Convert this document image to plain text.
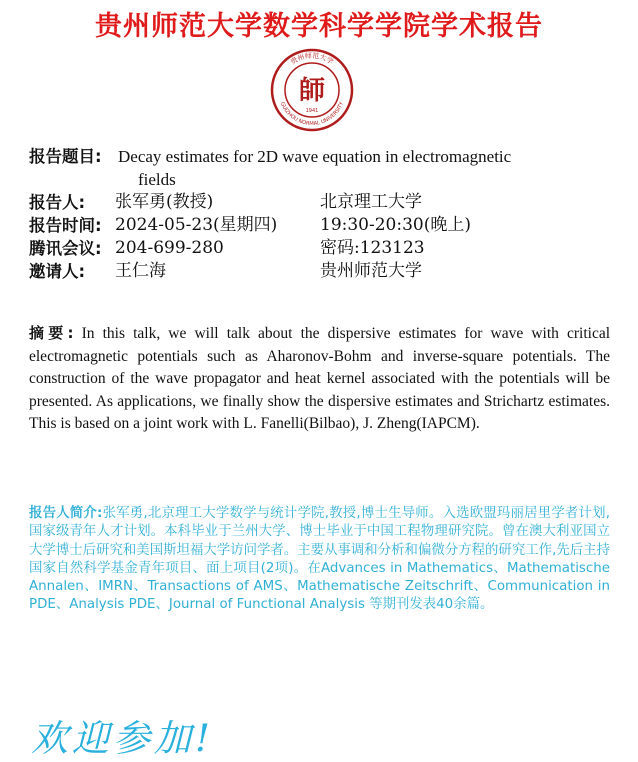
贵州师范大学数学科学学院学术报告
贵州师范大学
GUIZHOU NORMAL UNIVERSITY
師
1941
报告题目: Decay estimates for 2D wave equation in electromagnetic
fields
报告人: 张军勇(教授)	北京理工大学
报告时间: 2024-05-23(星期四)	19:30-20:30(晚上)
腾讯会议: 204-699-280	密码:123123
邀请人: 王仁海	贵州师范大学
摘要: In this talk, we will talk about the dispersive estimates for wave with critical electromagnetic potentials such as Aharonov-Bohm and inverse-square potentials. The construction of the wave propagator and heat kernel associated with the potentials will be presented. As applications, we finally show the dispersive estimates and Strichartz estimates. This is based on a joint work with L. Fanelli(Bilbao), J. Zheng(IAPCM).
报告人简介:张军勇,北京理工大学数学与统计学院,教授,博士生导师。入选欧盟玛丽居里学者计划,国家级青年人才计划。本科毕业于兰州大学、博士毕业于中国工程物理研究院。曾在澳大利亚国立大学博士后研究和美国斯坦福大学访问学者。主要从事调和分析和偏微分方程的研究工作,先后主持国家自然科学基金青年项目、面上项目(2项)。在Advances in Mathematics、Mathematische Annalen、IMRN、Transactions of AMS、Mathematische Zeitschrift、Communication in PDE、Analysis PDE、Journal of Functional Analysis 等期刊发表40余篇。
欢迎参加!
